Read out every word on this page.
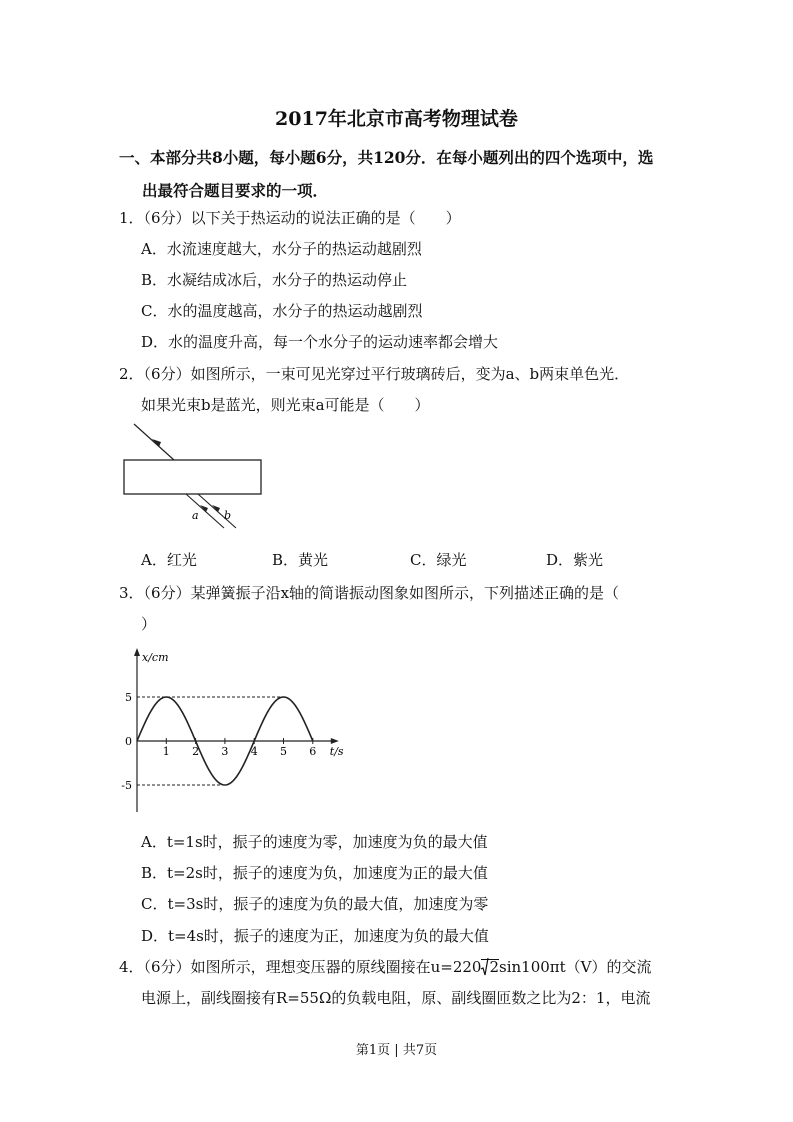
2017年北京市高考物理试卷
一、本部分共8小题，每小题6分，共120分．在每小题列出的四个选项中，选
出最符合题目要求的一项．
1．（6分）以下关于热运动的说法正确的是（　　）
A．水流速度越大，水分子的热运动越剧烈
B．水凝结成冰后，水分子的热运动停止
C．水的温度越高，水分子的热运动越剧烈
D．水的温度升高，每一个水分子的运动速率都会增大
2．（6分）如图所示，一束可见光穿过平行玻璃砖后，变为a、b两束单色光．
如果光束b是蓝光，则光束a可能是（　　）
a b
A．红光	B．黄光	C．绿光	D．紫光
3．（6分）某弹簧振子沿x轴的简谐振动图象如图所示，下列描述正确的是（
）
x/cm
t/s
5
0
-5
1 2 3 4 5 6
A．t=1s时，振子的速度为零，加速度为负的最大值
B．t=2s时，振子的速度为负，加速度为正的最大值
C．t=3s时，振子的速度为负的最大值，加速度为零
D．t=4s时，振子的速度为正，加速度为负的最大值
4．（6分）如图所示，理想变压器的原线圈接在u=220 2sin100πt（V）的交流
电源上，副线圈接有R=55Ω的负载电阻，原、副线圈匝数之比为2：1，电流
第1页 | 共7页
